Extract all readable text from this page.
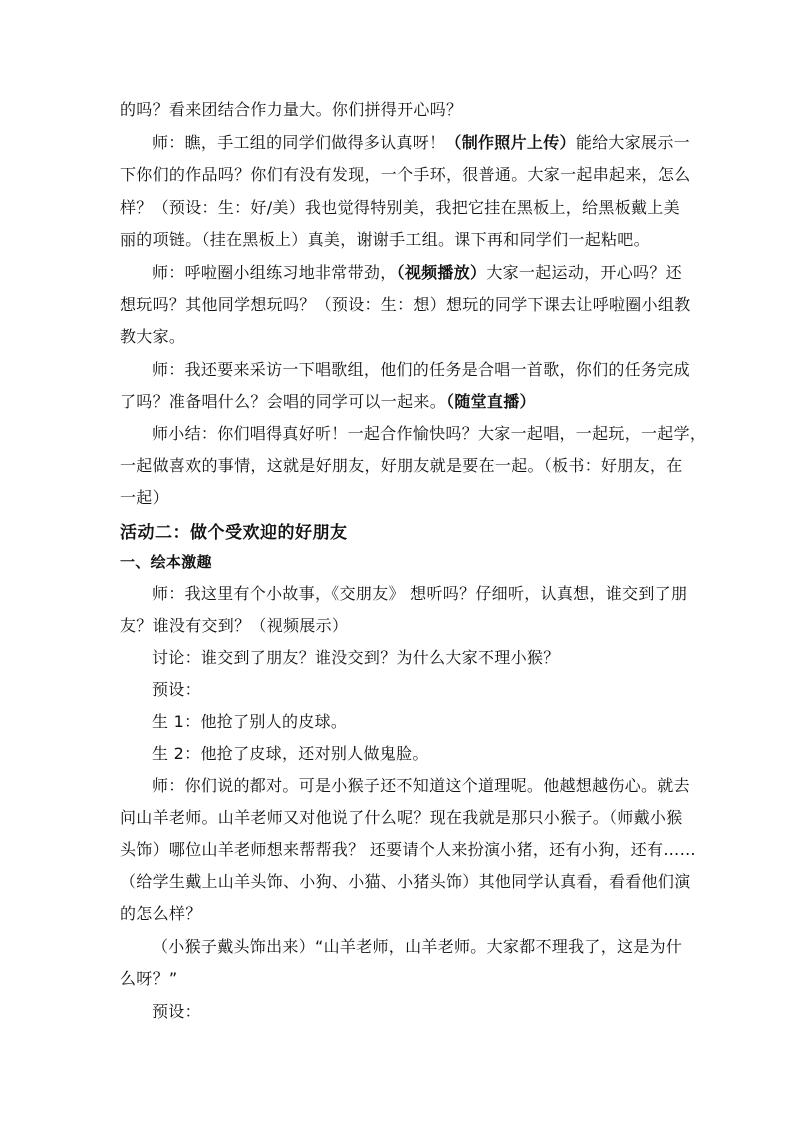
的吗？看来团结合作力量大。你们拼得开心吗？
师：瞧，手工组的同学们做得多认真呀！（制作照片上传）能给大家展示一
下你们的作品吗？你们有没有发现，一个手环，很普通。大家一起串起来，怎么
样？（预设：生：好/美）我也觉得特别美，我把它挂在黑板上，给黑板戴上美
丽的项链。（挂在黑板上）真美，谢谢手工组。课下再和同学们一起粘吧。
师：呼啦圈小组练习地非常带劲，（视频播放）大家一起运动，开心吗？还
想玩吗？其他同学想玩吗？（预设：生：想）想玩的同学下课去让呼啦圈小组教
教大家。
师：我还要来采访一下唱歌组，他们的任务是合唱一首歌，你们的任务完成
了吗？准备唱什么？会唱的同学可以一起来。（随堂直播）
师小结：你们唱得真好听！一起合作愉快吗？大家一起唱，一起玩，一起学，
一起做喜欢的事情，这就是好朋友，好朋友就是要在一起。（板书：好朋友，在
一起）
活动二：做个受欢迎的好朋友
一、绘本激趣
师：我这里有个小故事，《交朋友》 想听吗？仔细听，认真想，谁交到了朋
友？谁没有交到？（视频展示）
讨论：谁交到了朋友？谁没交到？为什么大家不理小猴？
预设：
生 1：他抢了别人的皮球。
生 2：他抢了皮球，还对别人做鬼脸。
师：你们说的都对。可是小猴子还不知道这个道理呢。他越想越伤心。就去
问山羊老师。山羊老师又对他说了什么呢？现在我就是那只小猴子。（师戴小猴
头饰）哪位山羊老师想来帮帮我？ 还要请个人来扮演小猪，还有小狗，还有……
（给学生戴上山羊头饰、小狗、小猫、小猪头饰）其他同学认真看，看看他们演
的怎么样？
（小猴子戴头饰出来）“山羊老师，山羊老师。大家都不理我了，这是为什
么呀？”
预设：
